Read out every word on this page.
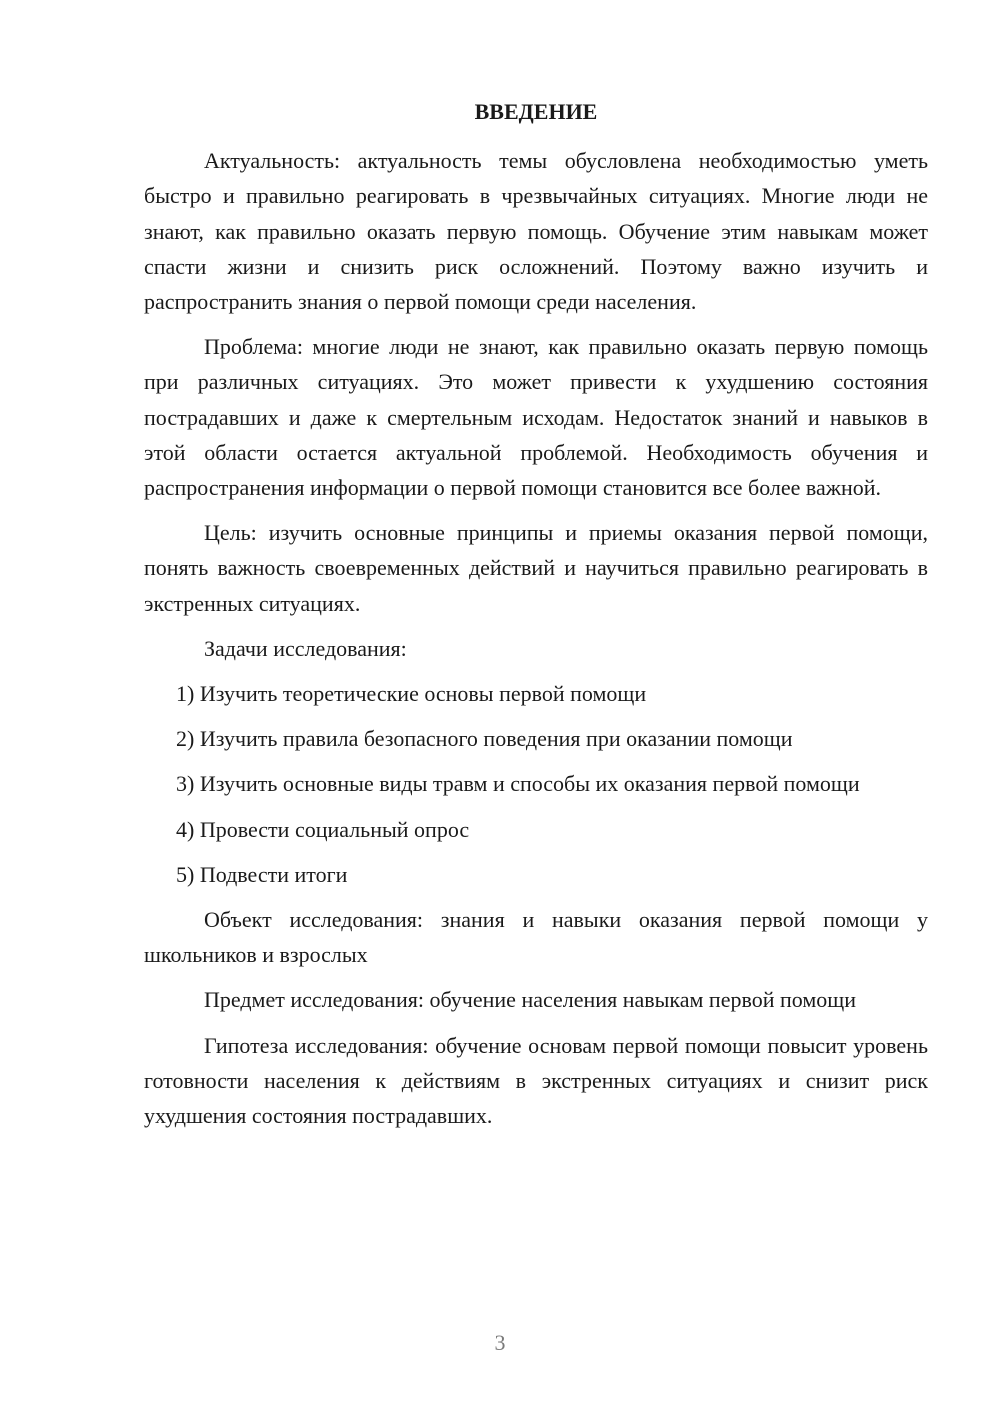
ВВЕДЕНИЕ

Актуальность: актуальность темы обусловлена необходимостью уметь быстро и правильно реагировать в чрезвычайных ситуациях. Многие люди не знают, как правильно оказать первую помощь. Обучение этим навыкам может спасти жизни и снизить риск осложнений. Поэтому важно изучить и распространить знания о первой помощи среди населения.

Проблема: многие люди не знают, как правильно оказать первую помощь при различных ситуациях. Это может привести к ухудшению состояния пострадавших и даже к смертельным исходам. Недостаток знаний и навыков в этой области остается актуальной проблемой. Необходимость обучения и распространения информации о первой помощи становится все более важной.

Цель: изучить основные принципы и приемы оказания первой помощи, понять важность своевременных действий и научиться правильно реагировать в экстренных ситуациях.

Задачи исследования:

1) Изучить теоретические основы первой помощи

2) Изучить правила безопасного поведения при оказании помощи

3) Изучить основные виды травм и способы их оказания первой помощи

4) Провести социальный опрос

5) Подвести итоги

Объект исследования: знания и навыки оказания первой помощи у школьников и взрослых

Предмет исследования: обучение населения навыкам первой помощи

Гипотеза исследования: обучение основам первой помощи повысит уровень готовности населения к действиям в экстренных ситуациях и снизит риск ухудшения состояния пострадавших.

3
